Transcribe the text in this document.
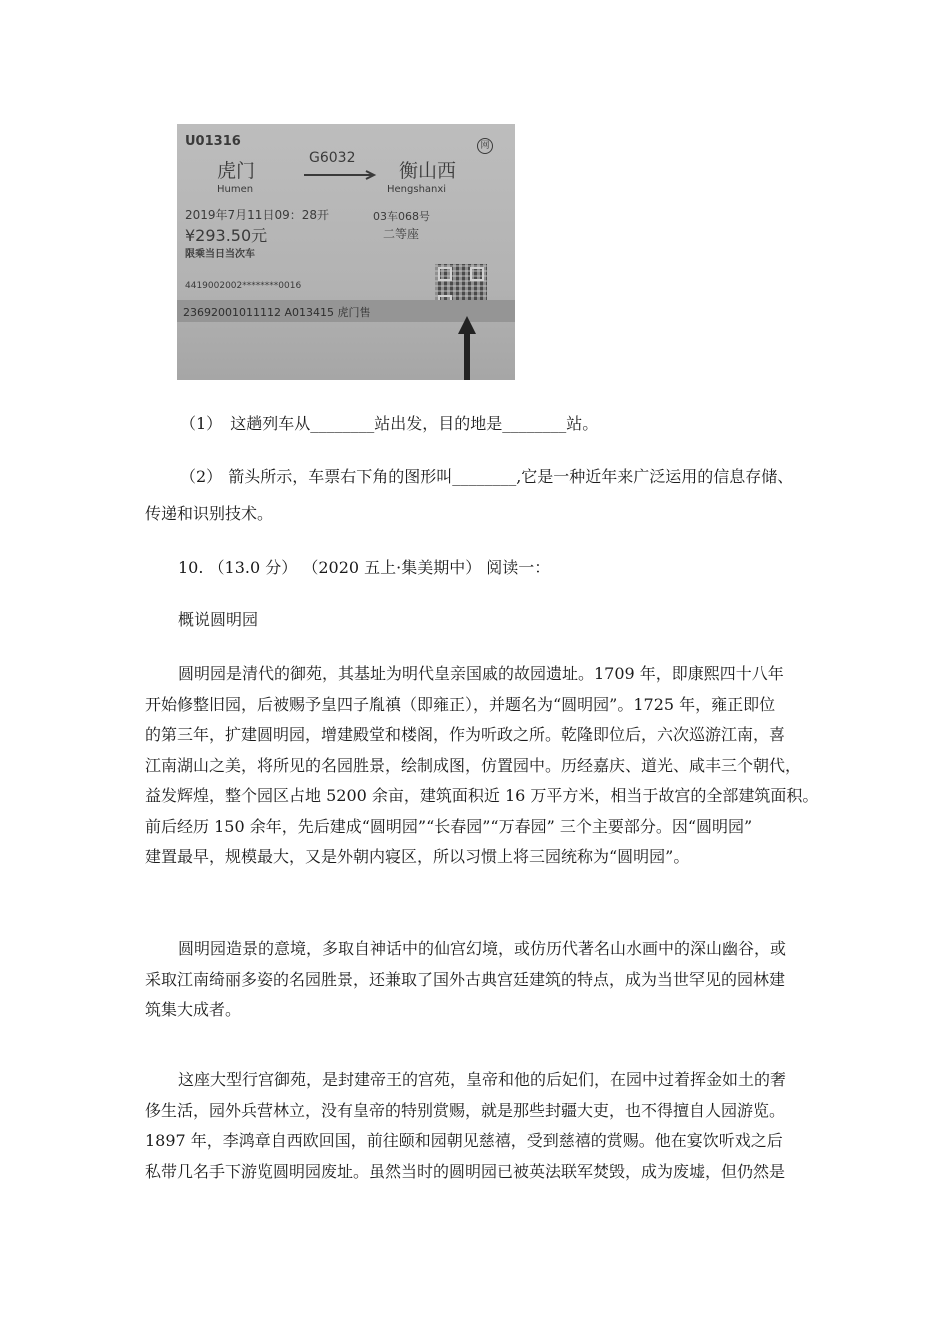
U01316
虎门
Humen
G6032
衡山西
Hengshanxi
网
2019年7月11日09：28开	03车068号
¥293.50元	二等座
限乘当日当次车
4419002002********0016
23692001011112 A013415 虎门售
（1） 这趟列车从________站出发，目的地是________站。
（2） 箭头所示，车票右下角的图形叫________,它是一种近年来广泛运用的信息存储、
传递和识别技术。
10. （13.0 分） （2020 五上·集美期中） 阅读一：
概说圆明园
圆明园是清代的御苑，其基址为明代皇亲国戚的故园遗址。1709 年，即康熙四十八年
开始修整旧园，后被赐予皇四子胤禛（即雍正），并题名为“圆明园”。1725 年，雍正即位
的第三年，扩建圆明园，增建殿堂和楼阁，作为听政之所。乾隆即位后，六次巡游江南，喜
江南湖山之美，将所见的名园胜景，绘制成图，仿置园中。历经嘉庆、道光、咸丰三个朝代，
益发辉煌，整个园区占地 5200 余亩，建筑面积近 16 万平方米，相当于故宫的全部建筑面积。
前后经历 150 余年，先后建成“圆明园”“长春园”“万春园” 三个主要部分。因“圆明园”
建置最早，规模最大，又是外朝内寝区，所以习惯上将三园统称为“圆明园”。
圆明园造景的意境，多取自神话中的仙宫幻境，或仿历代著名山水画中的深山幽谷，或
采取江南绮丽多姿的名园胜景，还兼取了国外古典宫廷建筑的特点，成为当世罕见的园林建
筑集大成者。
这座大型行宫御苑，是封建帝王的宫苑，皇帝和他的后妃们，在园中过着挥金如土的奢
侈生活，园外兵营林立，没有皇帝的特别赏赐，就是那些封疆大吏，也不得擅自人园游览。
1897 年，李鸿章自西欧回国，前往颐和园朝见慈禧，受到慈禧的赏赐。他在宴饮听戏之后
私带几名手下游览圆明园废址。虽然当时的圆明园已被英法联军焚毁，成为废墟，但仍然是
